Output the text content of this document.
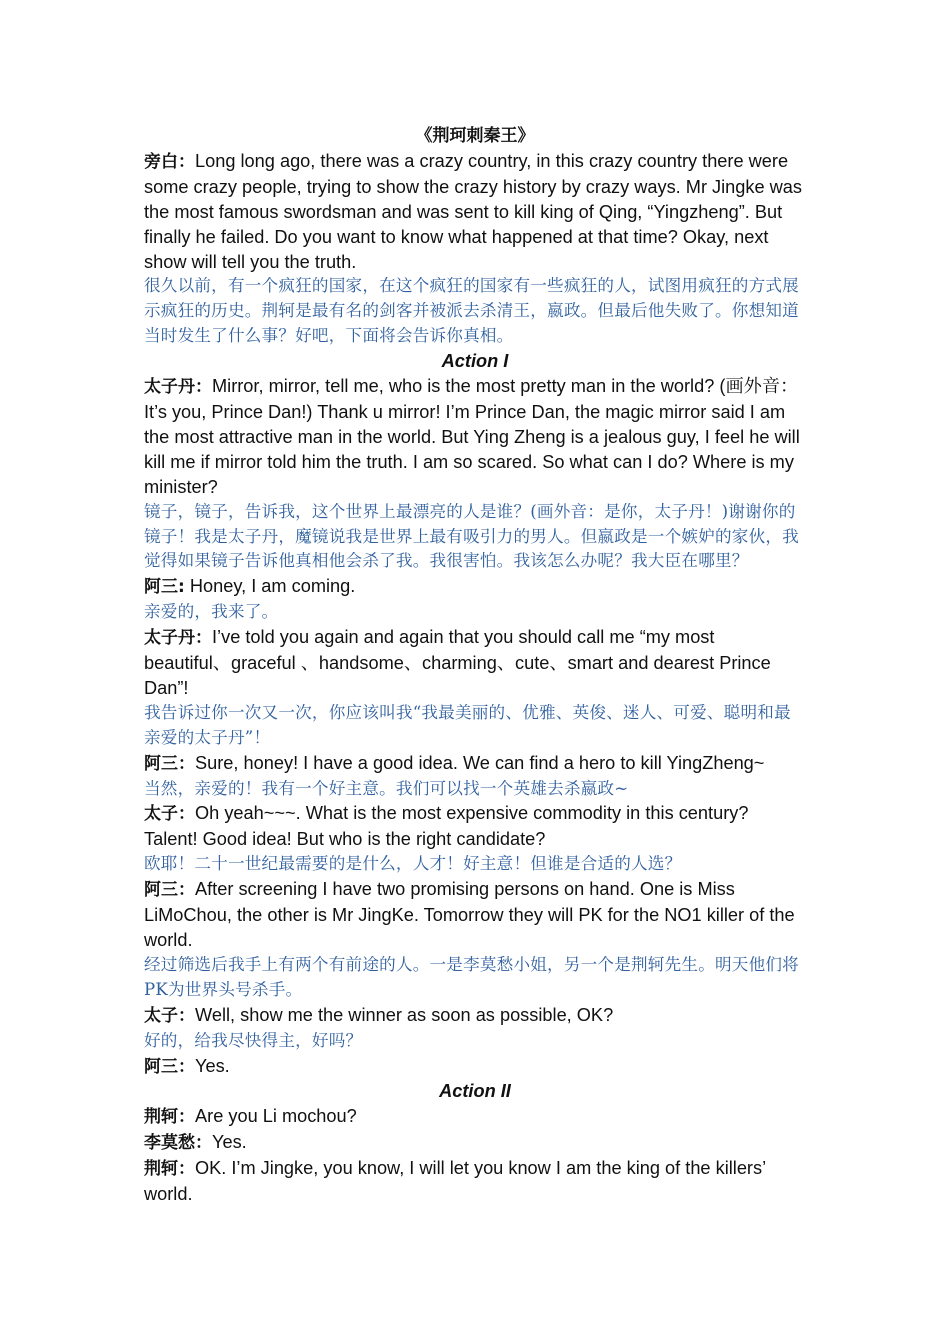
《荆珂刺秦王》

旁白：Long long ago, there was a crazy country, in this crazy country there were some crazy people, trying to show the crazy history by crazy ways. Mr Jingke was the most famous swordsman and was sent to kill king of Qing, “Yingzheng”. But finally he failed. Do you want to know what happened at that time? Okay, next show will tell you the truth.

很久以前，有一个疯狂的国家，在这个疯狂的国家有一些疯狂的人，试图用疯狂的方式展示疯狂的历史。荆轲是最有名的剑客并被派去杀清王，嬴政。但最后他失败了。你想知道当时发生了什么事？好吧，下面将会告诉你真相。

Action I

太子丹：Mirror, mirror, tell me, who is the most pretty man in the world? (画外音：It’s you, Prince Dan!) Thank u mirror! I’m Prince Dan, the magic mirror said I am the most attractive man in the world. But Ying Zheng is a jealous guy, I feel he will kill me if mirror told him the truth. I am so scared. So what can I do? Where is my minister?

镜子，镜子，告诉我，这个世界上最漂亮的人是谁？(画外音：是你，太子丹！)谢谢你的镜子！我是太子丹，魔镜说我是世界上最有吸引力的男人。但嬴政是一个嫉妒的家伙，我觉得如果镜子告诉他真相他会杀了我。我很害怕。我该怎么办呢？我大臣在哪里？

阿三: Honey, I am coming.

亲爱的，我来了。

太子丹：I’ve told you again and again that you should call me “my most beautiful、graceful 、handsome、charming、cute、smart and dearest Prince Dan”!

我告诉过你一次又一次，你应该叫我“我最美丽的、优雅、英俊、迷人、可爱、聪明和最亲爱的太子丹”！

阿三：Sure, honey! I have a good idea. We can find a hero to kill YingZheng~

当然，亲爱的！我有一个好主意。我们可以找一个英雄去杀嬴政~

太子：Oh yeah~~~. What is the most expensive commodity in this century? Talent! Good idea! But who is the right candidate?

欧耶！二十一世纪最需要的是什么，人才！好主意！但谁是合适的人选？

阿三：After screening I have two promising persons on hand. One is Miss LiMoChou, the other is Mr JingKe. Tomorrow they will PK for the NO1 killer of the world.

经过筛选后我手上有两个有前途的人。一是李莫愁小姐，另一个是荆轲先生。明天他们将PK为世界头号杀手。

太子：Well, show me the winner as soon as possible, OK?

好的，给我尽快得主，好吗？

阿三：Yes.

Action II

荆轲：Are you Li mochou?

李莫愁：Yes.

荆轲：OK. I’m Jingke, you know, I will let you know I am the king of the killers’ world.
